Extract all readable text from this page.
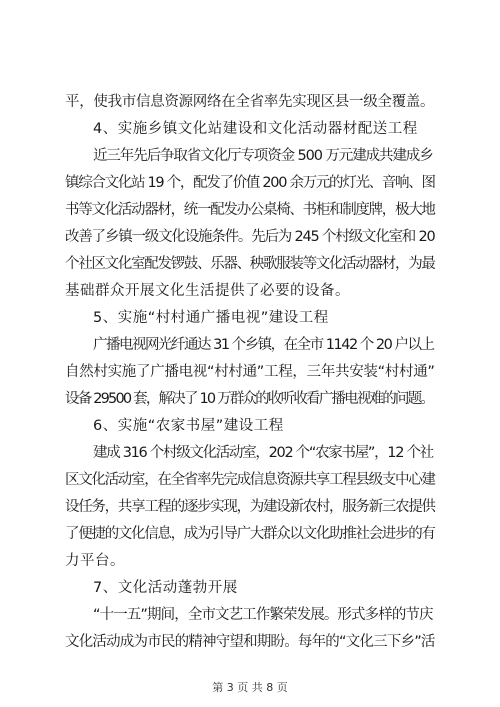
平，使我市信息资源网络在全省率先实现区县一级全覆盖。
4、实施乡镇文化站建设和文化活动器材配送工程
近三年先后争取省文化厅专项资金 500 万元建成共建成乡
镇综合文化站 19 个，配发了价值 200 余万元的灯光、音响、图
书等文化活动器材，统一配发办公桌椅、书柜和制度牌，极大地
改善了乡镇一级文化设施条件。先后为 245 个村级文化室和 20
个社区文化室配发锣鼓、乐器、秧歌服装等文化活动器材，为最
基础群众开展文化生活提供了必要的设备。
5、实施“村村通广播电视”建设工程
广播电视网光纤通达 31 个乡镇，在全市 1142 个 20 户以上
自然村实施了广播电视“村村通”工程，三年共安装“村村通”
设备 29500 套，解决了 10 万群众的收听收看广播电视难的问题。
6、实施“农家书屋”建设工程
建成 316 个村级文化活动室，202 个“农家书屋”，12 个社
区文化活动室，在全省率先完成信息资源共享工程县级支中心建
设任务，共享工程的逐步实现，为建设新农村，服务新三农提供
了便捷的文化信息，成为引导广大群众以文化助推社会进步的有
力平台。
7、文化活动蓬勃开展
“十一五”期间，全市文艺工作繁荣发展。形式多样的节庆
文化活动成为市民的精神守望和期盼。每年的“文化三下乡”活
第 3 页 共 8 页
